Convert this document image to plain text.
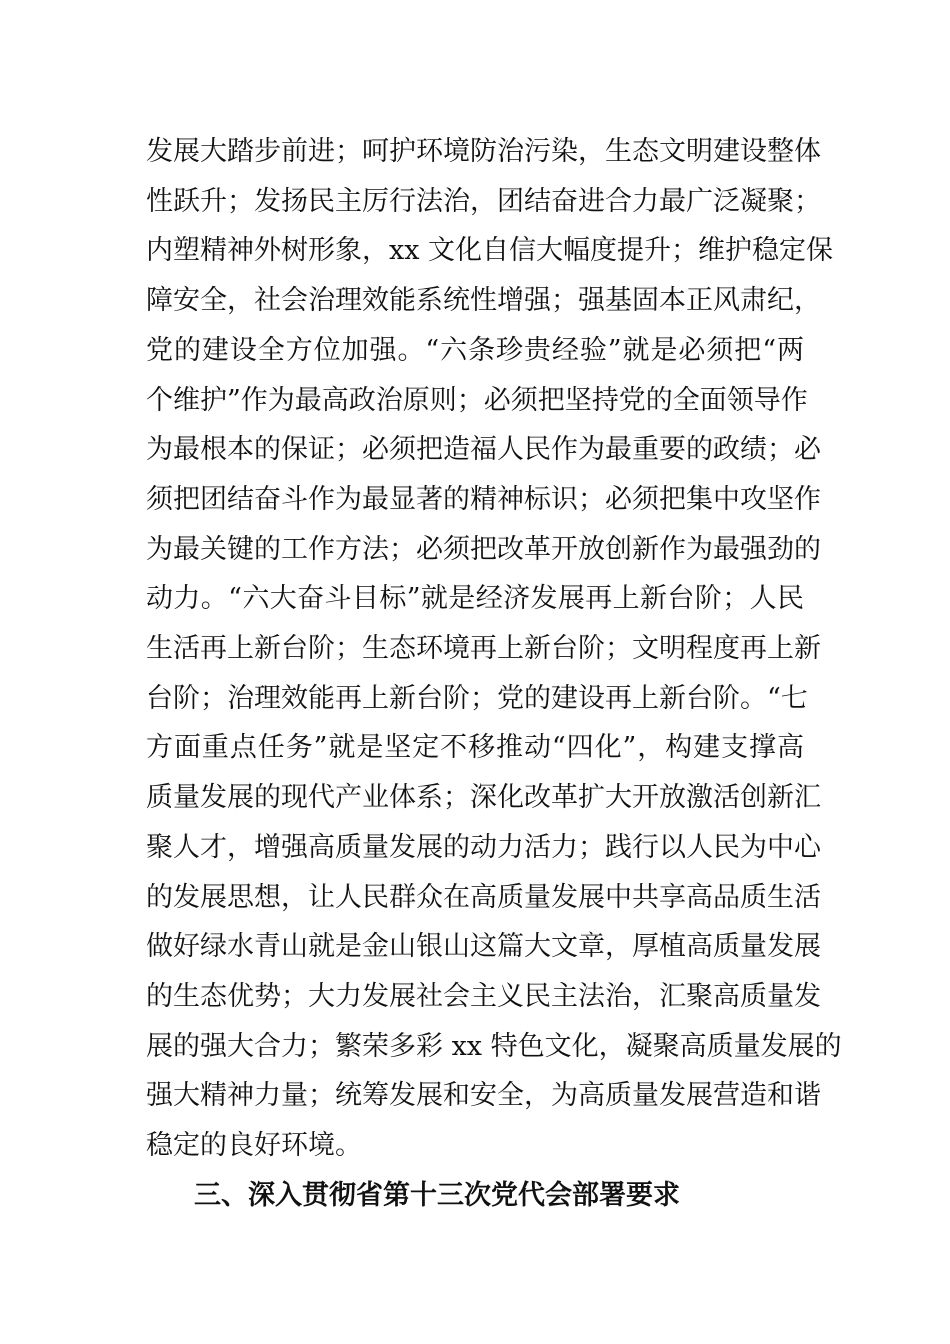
发展大踏步前进；呵护环境防治污染，生态文明建设整体
性跃升；发扬民主厉行法治，团结奋进合力最广泛凝聚；
内塑精神外树形象，xx 文化自信大幅度提升；维护稳定保
障安全，社会治理效能系统性增强；强基固本正风肃纪，
党的建设全方位加强。“六条珍贵经验”就是必须把“两
个维护”作为最高政治原则；必须把坚持党的全面领导作
为最根本的保证；必须把造福人民作为最重要的政绩；必
须把团结奋斗作为最显著的精神标识；必须把集中攻坚作
为最关键的工作方法；必须把改革开放创新作为最强劲的
动力。“六大奋斗目标”就是经济发展再上新台阶；人民
生活再上新台阶；生态环境再上新台阶；文明程度再上新
台阶；治理效能再上新台阶；党的建设再上新台阶。“七
方面重点任务”就是坚定不移推动“四化”，构建支撑高
质量发展的现代产业体系；深化改革扩大开放激活创新汇
聚人才，增强高质量发展的动力活力；践行以人民为中心
的发展思想，让人民群众在高质量发展中共享高品质生活
做好绿水青山就是金山银山这篇大文章，厚植高质量发展
的生态优势；大力发展社会主义民主法治，汇聚高质量发
展的强大合力；繁荣多彩 xx 特色文化，凝聚高质量发展的
强大精神力量；统筹发展和安全，为高质量发展营造和谐
稳定的良好环境。
三、深入贯彻省第十三次党代会部署要求
